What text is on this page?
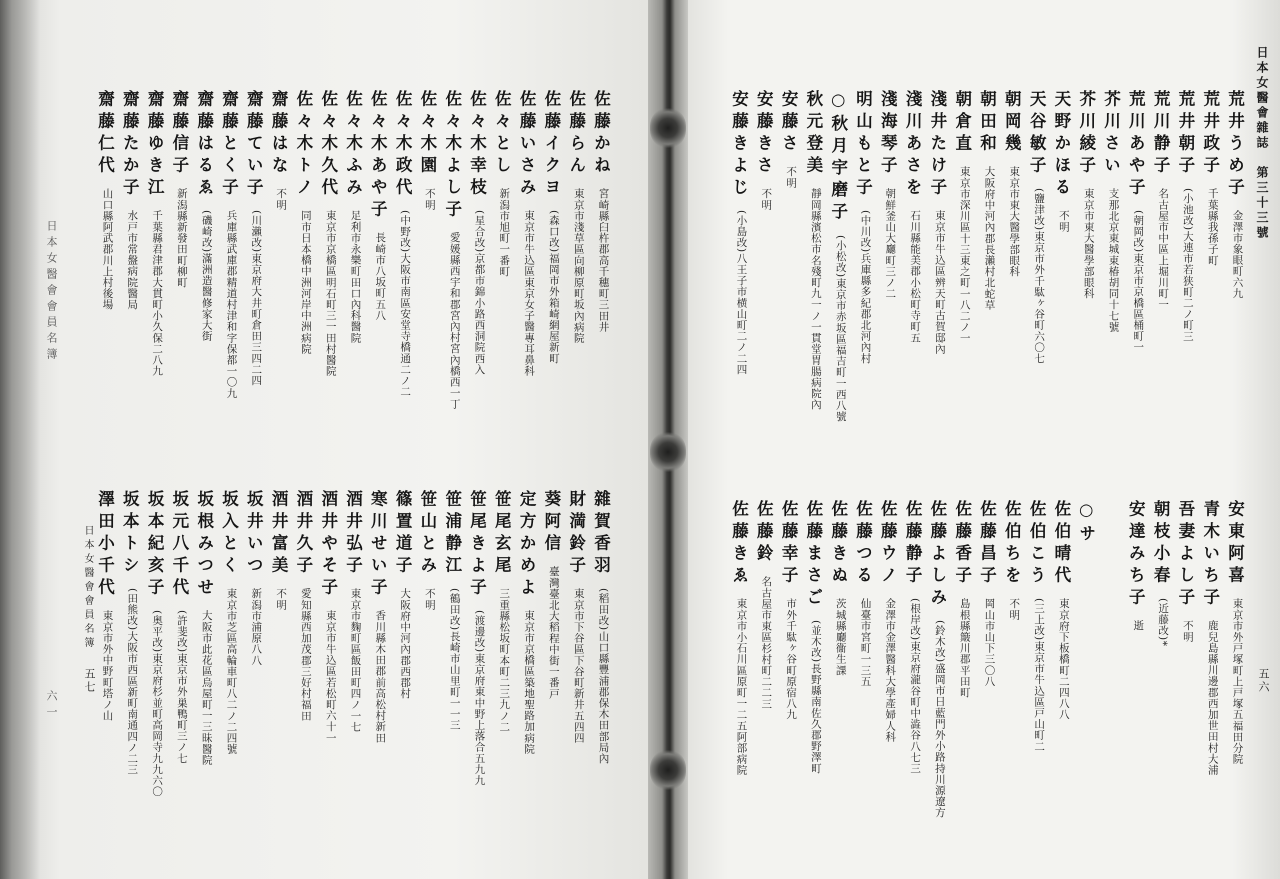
日本女醫會會員名簿
六一
佐藤かね
宮崎縣臼杵郡高千穗町三田井
佐藤らん
東京市淺草區向柳原町坂內病院
佐藤イクヨ
(森口改)福岡市外箱崎網屋新町
佐藤いさみ
東京市牛込區東京女子醫專耳鼻科
佐々とし
新潟市旭町一番町
佐々木幸枝
(星合改)京都市錦小路西洞院西入
佐々木よし子
愛媛縣西宇和郡宮內村宮內橋西一丁
佐々木園
不明
佐々木政代
(中野改)大阪市南區安堂寺橋通二ノ二
佐々木あや子
長崎市八坂町五八
佐々木ふみ
足利市永樂町田口內科醫院
佐々木久代
東京市京橋區明石町三一田村醫院
佐々木トノ
同市日本橋中洲河岸中洲病院
齋藤はな
不明
齋藤てい子
(川瀨改)東京府大井町倉田三四二四
齋藤とく子
兵庫縣武庫郡精道村津和字保都一〇九
齋藤はるゑ
(磯崎改)滿洲造醫修家大街
齋藤信子
新潟縣新發田町柳町
齋藤ゆき江
千葉縣君津郡大貫町小久保二八九
齋藤たか子
水戸市常盤病院醫局
齋藤仁代
山口縣阿武郡川上村後場
雜賀香羽
(稻田改)山口縣豐浦郡保木田部局內
財満鈴子
東京市下谷區下谷町新井五四四
葵阿信
臺灣臺北大稻程中街一番戸
定方かめよ
東京市京橋區築地聖路加病院
笹尾玄尾
三重縣松坂町本町二三九ノ二
笹尾きよ子
(渡邊改)東京府東中野上落合五九九
笹浦静江
(鶴田改)長崎市山里町一一三
笹山とみ
不明
篠置道子
大阪府中河內郡西郡村
寒川せい子
香川縣木田郡前高松村新田
酒井弘子
東京市麴町區飯田町四ノ一七
酒井やそ子
東京市牛込區若松町六十一
酒井久子
愛知縣西加茂郡三好村福田
酒井富美
不明
坂井いつ
新潟市浦原八八
坂入とく
東京市芝區高輪車町八二ノ二四號
坂根みつせ
大阪市此花區烏屋町一三昧醫院
坂元八千代
(許斐改)東京市外巣鴨町三ノ七
坂本紀亥子
(奥平改)東京府杉並町高岡寺九九六〇
坂本トシ
(田熊改)大阪市西區新町南通四ノ二三
澤田小千代
東京市外中野町塔ノ山
日本女醫會會員名簿
五七
日本女醫會雜誌　第三十三號
五六
荒井うめ子
金澤市象眼町六九
荒井政子
千葉縣我孫子町
荒井朝子
(小池改)大連市若狭町二ノ町三
荒川静子
名古屋市中區上堀川町一
荒川あや子
(朝岡改)東京市京橋區桶町一
芥川さい
支那北京東城東椿胡同十七號
芥川綾子
東京市東大醫學部眼科
天野かほる
不明
天谷敏子
(鹽津改)東京市外千駄ヶ谷町六〇七
朝岡幾
東京市東大醫學部眼科
朝田和
大阪府中河內郡長瀨村北蛇草
朝倉直
東京市深川區十三東之町一八二ノ一
淺井たけ子
東京市牛込區辨天町古賀邸內
淺川あさを
石川縣能美郡小松町寺町五
淺海琴子
朝鮮釜山大廳町三ノ二
明山もと子
(中川改)兵庫縣多紀郡北河內村
○秋月宇磨子
(小松改)東京市赤坂區福吉町一西八號
秋元登美
靜岡縣濱松市名殘町九一ノ一貫堂胃腸病院內
安藤さ
不明
安藤きさ
不明
安藤きよじ
(小島改)八王子市横山町二ノ二四
安東阿喜
東京市外戸塚町上戸塚五福田分院
青木いち子
鹿兒島縣川邊郡西加世田村大浦
吾妻よし子
不明
朝枝小春
(近藤改)*
安達みち子
逝
○サ
佐伯晴代
東京府下板橋町二四八八
佐伯こう
(三上改)東京市牛込區戸山町二
佐伯ちを
不明
佐藤昌子
岡山市山下三〇八
佐藤香子
島根縣簸川郡平田町
佐藤よしみ
(鈴木改)盛岡市日藍門外小路持川源遼方
佐藤静子
(根岸改)東京府瀧谷町中澁谷八七三
佐藤ウノ
金澤市金澤醫科大學產婦人科
佐藤つる
仙臺市宮町一三五
佐藤きぬ
茨城縣廳衞生課
佐藤まさご
(並木改)長野縣南佐久郡野澤町
佐藤幸子
市外千駄ヶ谷町原宿八九
佐藤鈴
名古屋市東區杉村町二二三
佐藤きゑ
東京市小石川區原町一二五阿部病院
